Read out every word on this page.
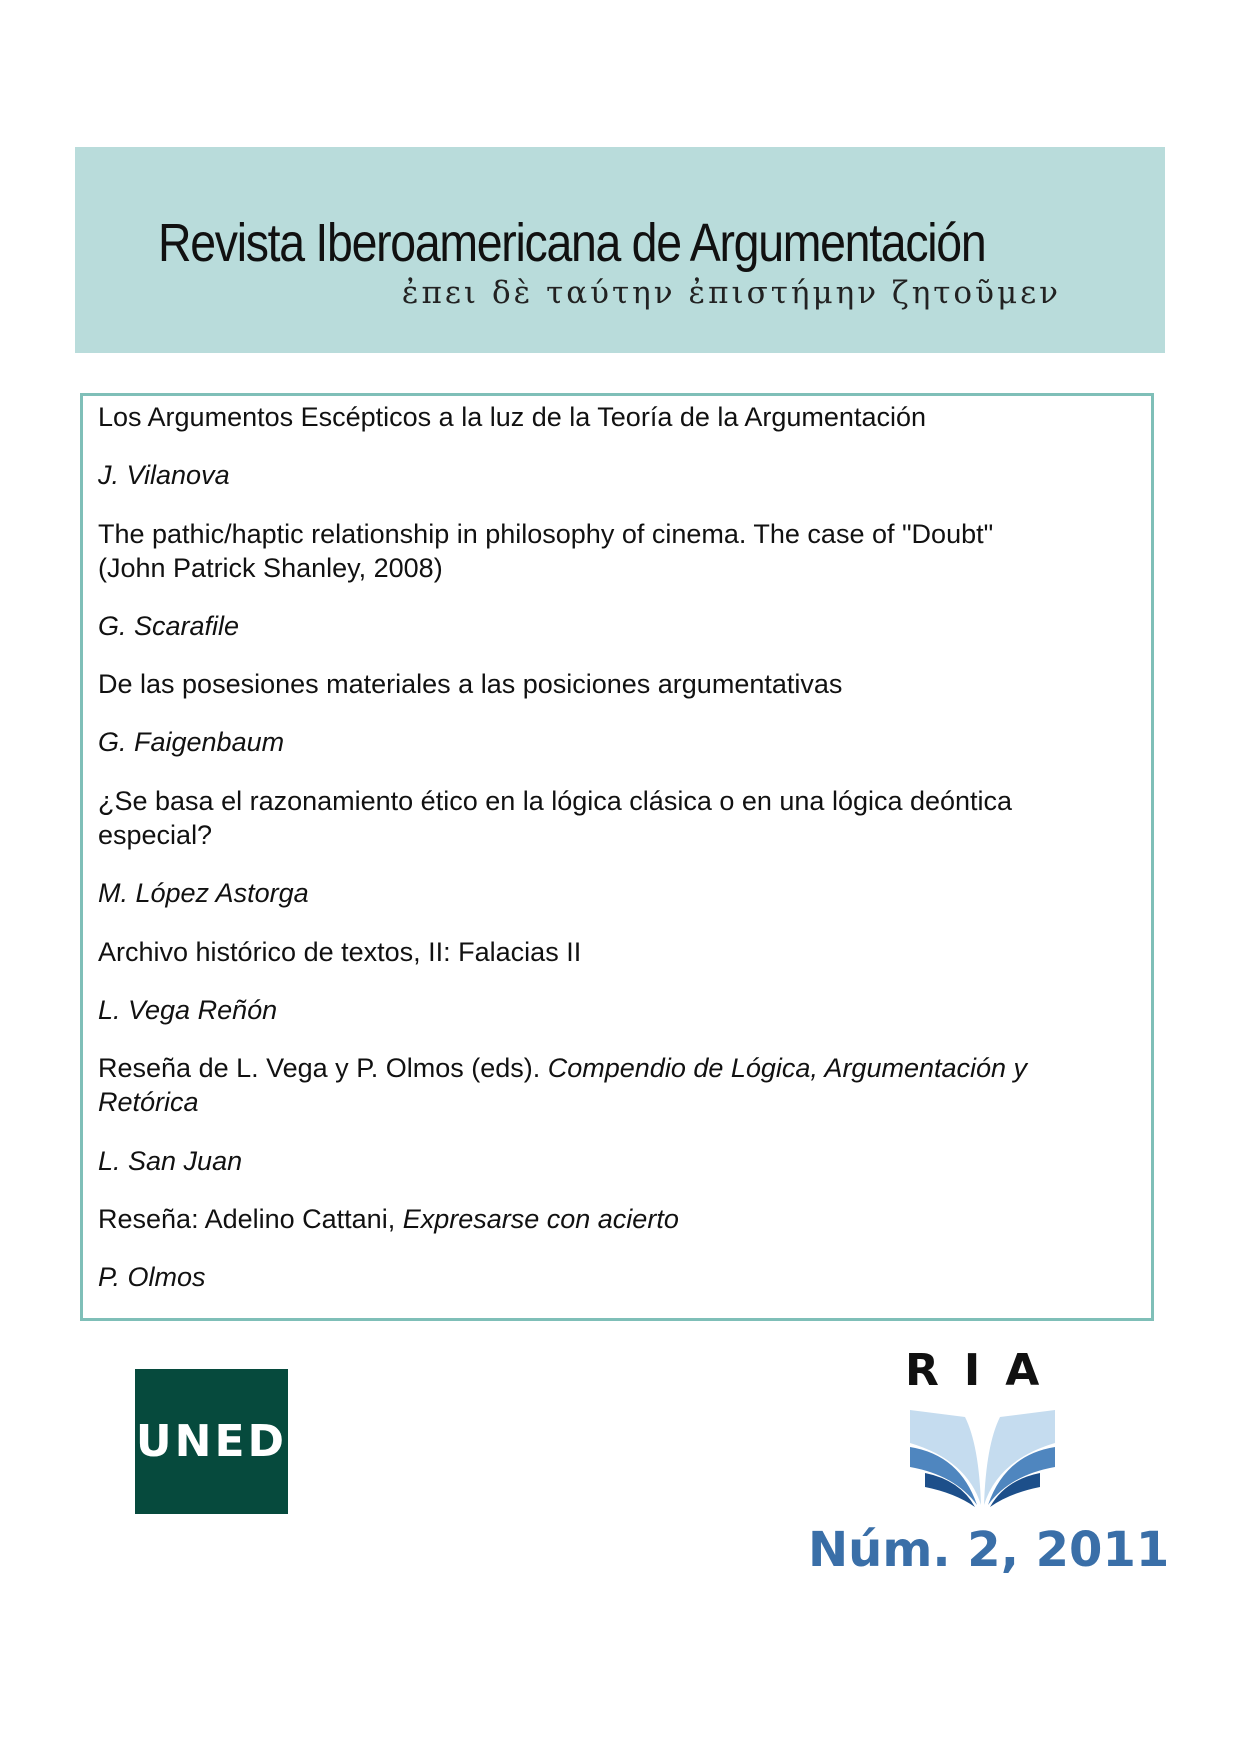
Revista Iberoamericana de Argumentación
ἐπει δὲ ταύτην ἐπιστήμην ζητοῦμεν
Los Argumentos Escépticos a la luz de la Teoría de la Argumentación
J. Vilanova
The pathic/haptic relationship in philosophy of cinema. The case of "Doubt"
(John Patrick Shanley, 2008)
G. Scarafile
De las posesiones materiales a las posiciones argumentativas
G. Faigenbaum
¿Se basa el razonamiento ético en la lógica clásica o en una lógica deóntica
especial?
M. López Astorga
Archivo histórico de textos, II: Falacias II
L. Vega Reñón
Reseña de L. Vega y P. Olmos (eds). Compendio de Lógica, Argumentación y
Retórica
L. San Juan
Reseña: Adelino Cattani, Expresarse con acierto
P. Olmos
UNED
RIA
Núm. 2, 2011
